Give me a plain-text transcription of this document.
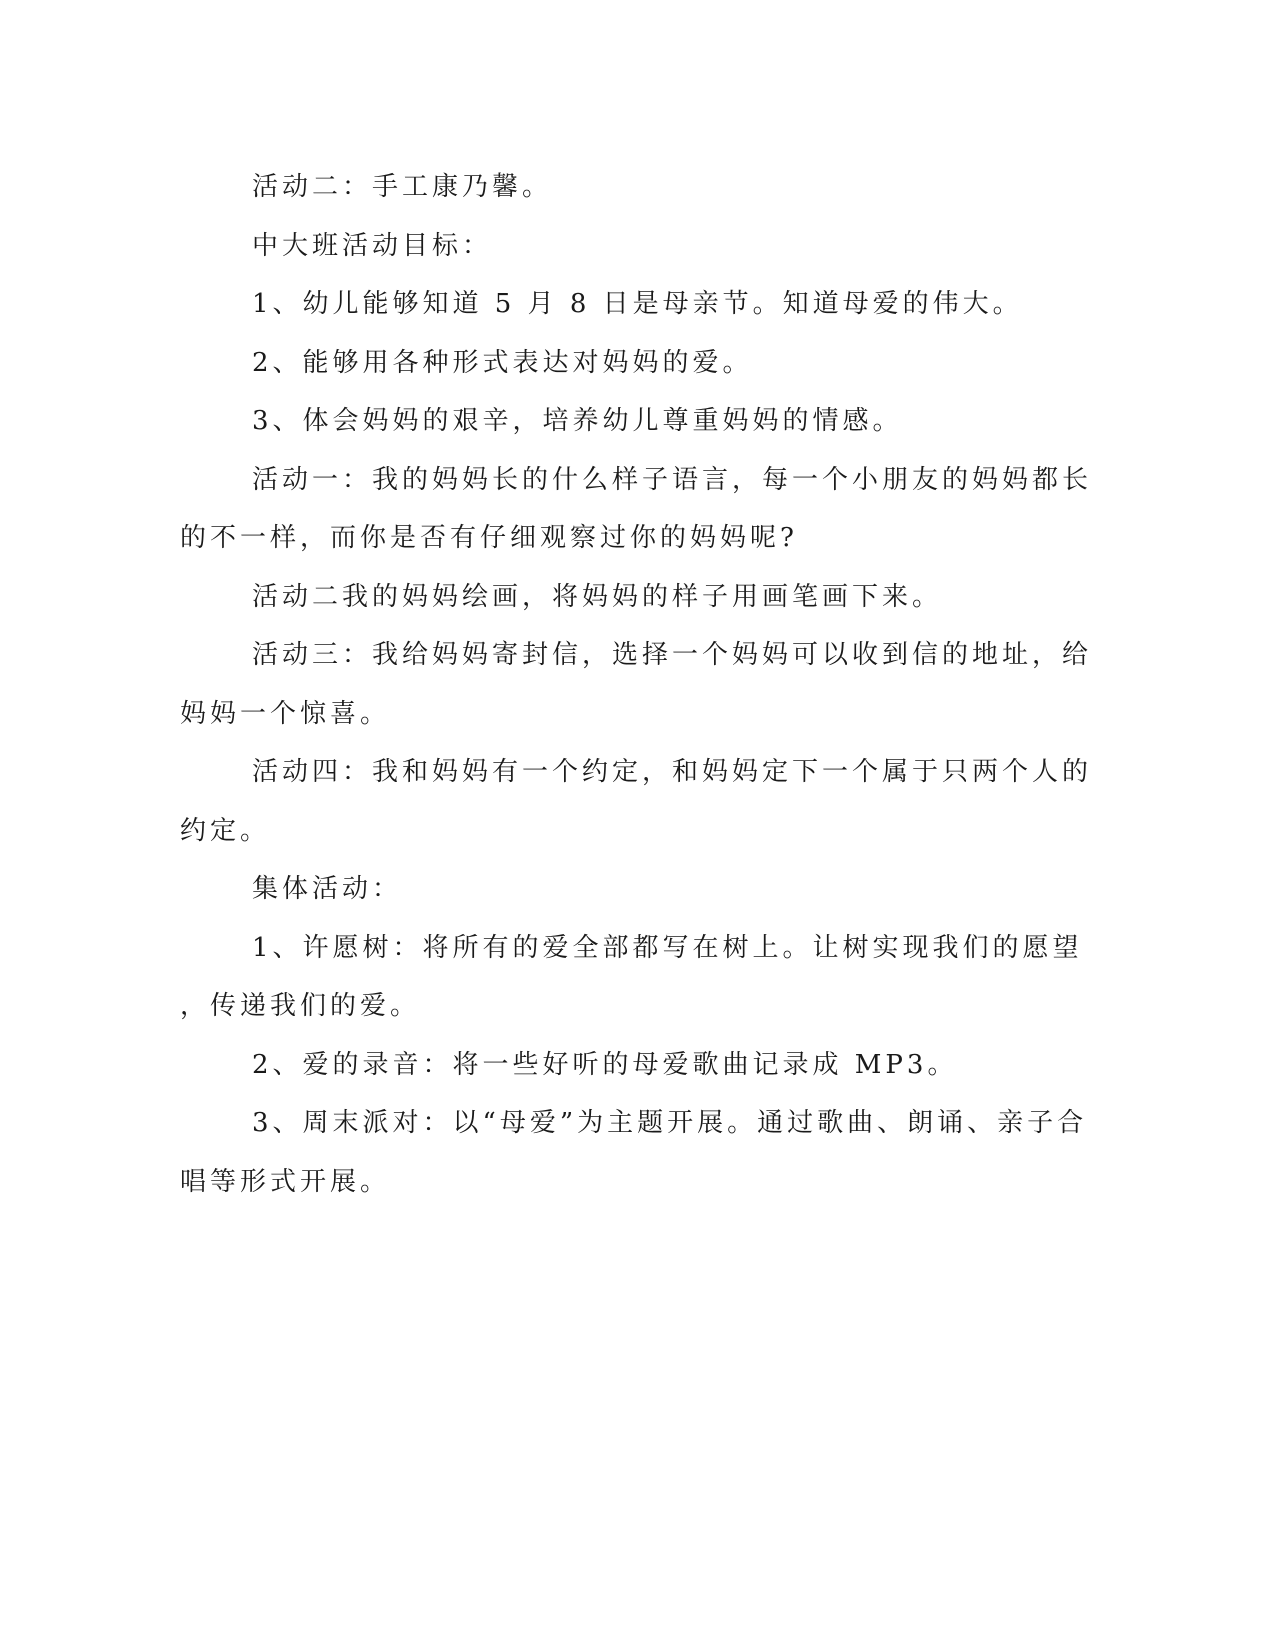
活动二：手工康乃馨。

中大班活动目标：

1、幼儿能够知道 5 月 8 日是母亲节。知道母爱的伟大。

2、能够用各种形式表达对妈妈的爱。

3、体会妈妈的艰辛，培养幼儿尊重妈妈的情感。

活动一：我的妈妈长的什么样子语言，每一个小朋友的妈妈都长
的不一样，而你是否有仔细观察过你的妈妈呢?

活动二我的妈妈绘画，将妈妈的样子用画笔画下来。

活动三：我给妈妈寄封信，选择一个妈妈可以收到信的地址，给
妈妈一个惊喜。

活动四：我和妈妈有一个约定，和妈妈定下一个属于只两个人的
约定。

集体活动：

1、许愿树：将所有的爱全部都写在树上。让树实现我们的愿望
，传递我们的爱。

2、爱的录音：将一些好听的母爱歌曲记录成 MP3。

3、周末派对：以“母爱”为主题开展。通过歌曲、朗诵、亲子合
唱等形式开展。
